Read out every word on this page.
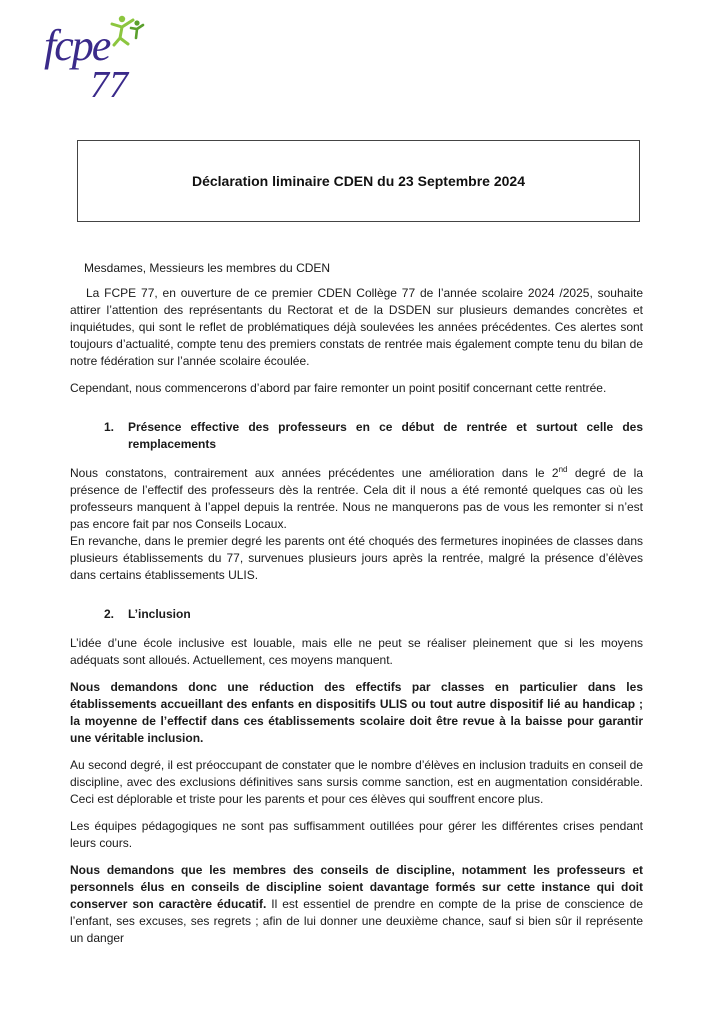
fcpe
77
Déclaration liminaire CDEN du 23 Septembre 2024

Mesdames, Messieurs les membres du CDEN

La FCPE 77, en ouverture de ce premier CDEN Collège 77 de l’année scolaire 2024 /2025, souhaite attirer l’attention des représentants du Rectorat et de la DSDEN sur plusieurs demandes concrètes et inquiétudes, qui sont le reflet de problématiques déjà soulevées les années précédentes. Ces alertes sont toujours d’actualité, compte tenu des premiers constats de rentrée mais également compte tenu du bilan de notre fédération sur l’année scolaire écoulée.

Cependant, nous commencerons d’abord par faire remonter un point positif concernant cette rentrée.

1.	Présence effective des professeurs en ce début de rentrée et surtout celle des remplacements

Nous constatons, contrairement aux années précédentes une amélioration dans le 2nd degré de la présence de l’effectif des professeurs dès la rentrée. Cela dit il nous a été remonté quelques cas où les professeurs manquent à l’appel depuis la rentrée. Nous ne manquerons pas de vous les remonter si n’est pas encore fait par nos Conseils Locaux.

En revanche, dans le premier degré les parents ont été choqués des fermetures inopinées de classes dans plusieurs établissements du 77, survenues plusieurs jours après la rentrée, malgré la présence d’élèves dans certains établissements ULIS.

2.	L’inclusion

L’idée d’une école inclusive est louable, mais elle ne peut se réaliser pleinement que si les moyens adéquats sont alloués. Actuellement, ces moyens manquent.

Nous demandons donc une réduction des effectifs par classes en particulier dans les établissements accueillant des enfants en dispositifs ULIS ou tout autre dispositif lié au handicap ; la moyenne de l’effectif dans ces établissements scolaire doit être revue à la baisse pour garantir une véritable inclusion.

Au second degré, il est préoccupant de constater que le nombre d’élèves en inclusion traduits en conseil de discipline, avec des exclusions définitives sans sursis comme sanction, est en augmentation considérable. Ceci est déplorable et triste pour les parents et pour ces élèves qui souffrent encore plus.

Les équipes pédagogiques ne sont pas suffisamment outillées pour gérer les différentes crises pendant leurs cours.

Nous demandons que les membres des conseils de discipline, notamment les professeurs et personnels élus en conseils de discipline soient davantage formés sur cette instance qui doit conserver son caractère éducatif. Il est essentiel de prendre en compte de la prise de conscience de l’enfant, ses excuses, ses regrets ; afin de lui donner une deuxième chance, sauf si bien sûr il représente un danger
